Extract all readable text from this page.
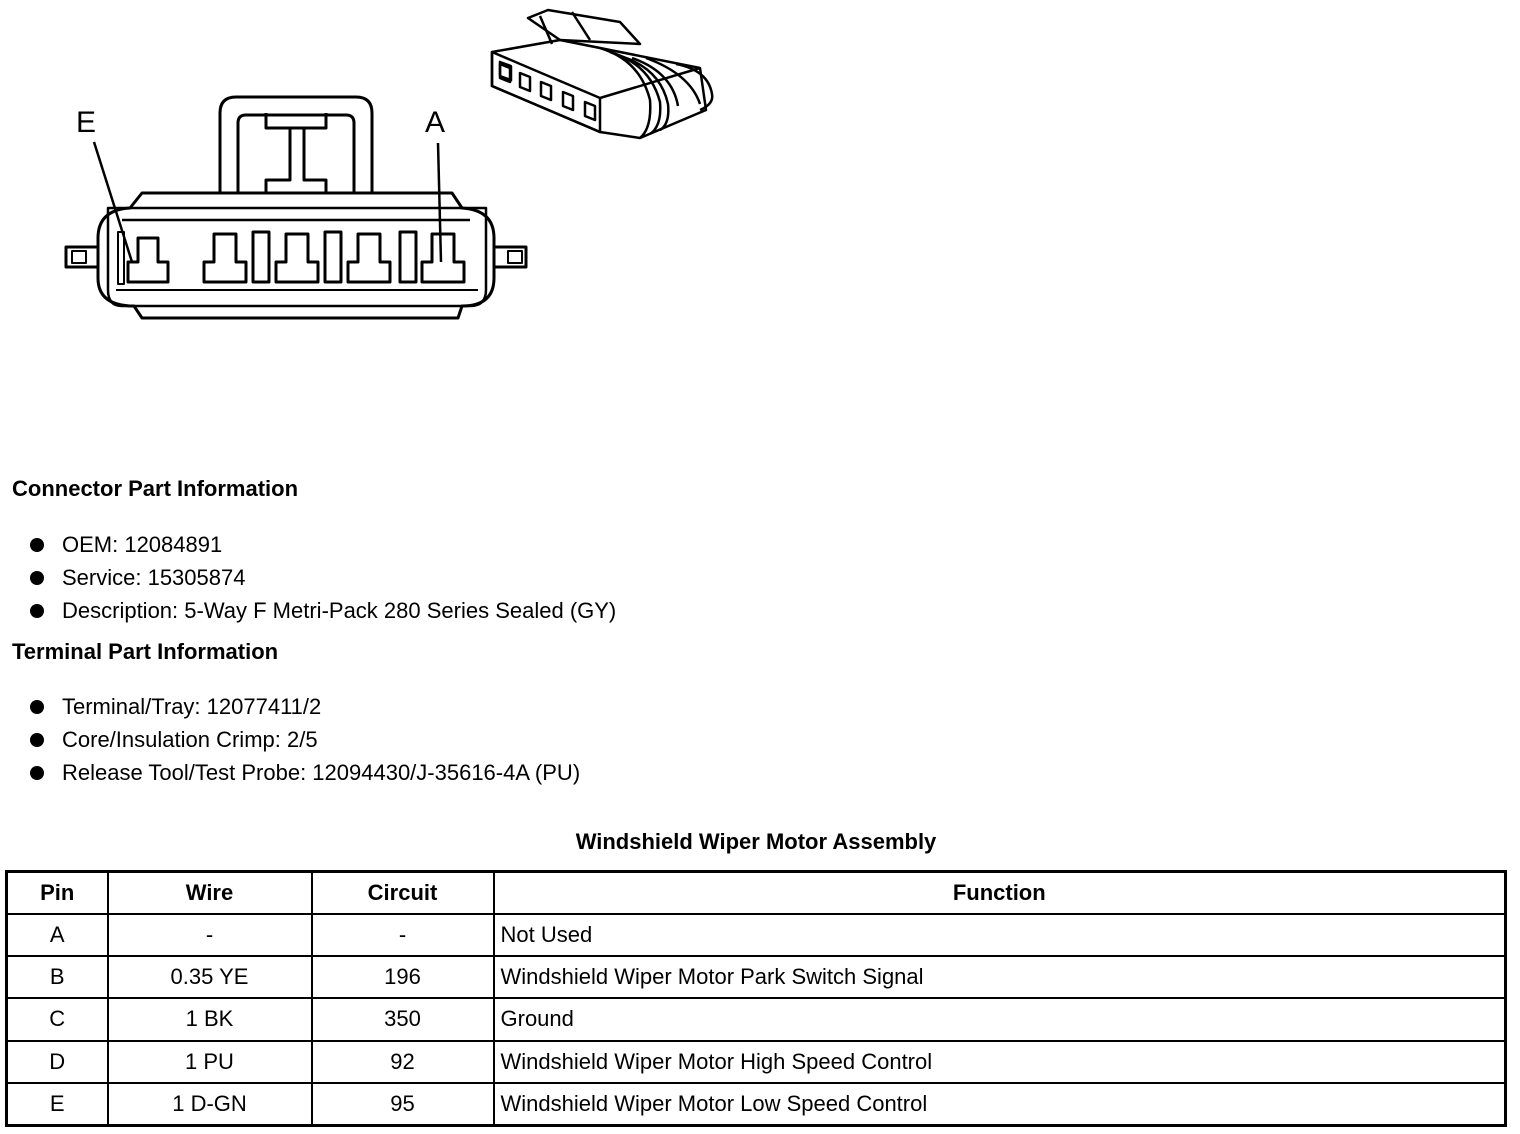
E	A
Connector Part Information
OEM: 12084891
Service: 15305874
Description: 5-Way F Metri-Pack 280 Series Sealed (GY)
Terminal Part Information
Terminal/Tray: 12077411/2
Core/Insulation Crimp: 2/5
Release Tool/Test Probe: 12094430/J-35616-4A (PU)
Windshield Wiper Motor Assembly
Pin	Wire	Circuit	Function
A	-	-	Not Used
B	0.35 YE	196	Windshield Wiper Motor Park Switch Signal
C	1 BK	350	Ground
D	1 PU	92	Windshield Wiper Motor High Speed Control
E	1 D-GN	95	Windshield Wiper Motor Low Speed Control
